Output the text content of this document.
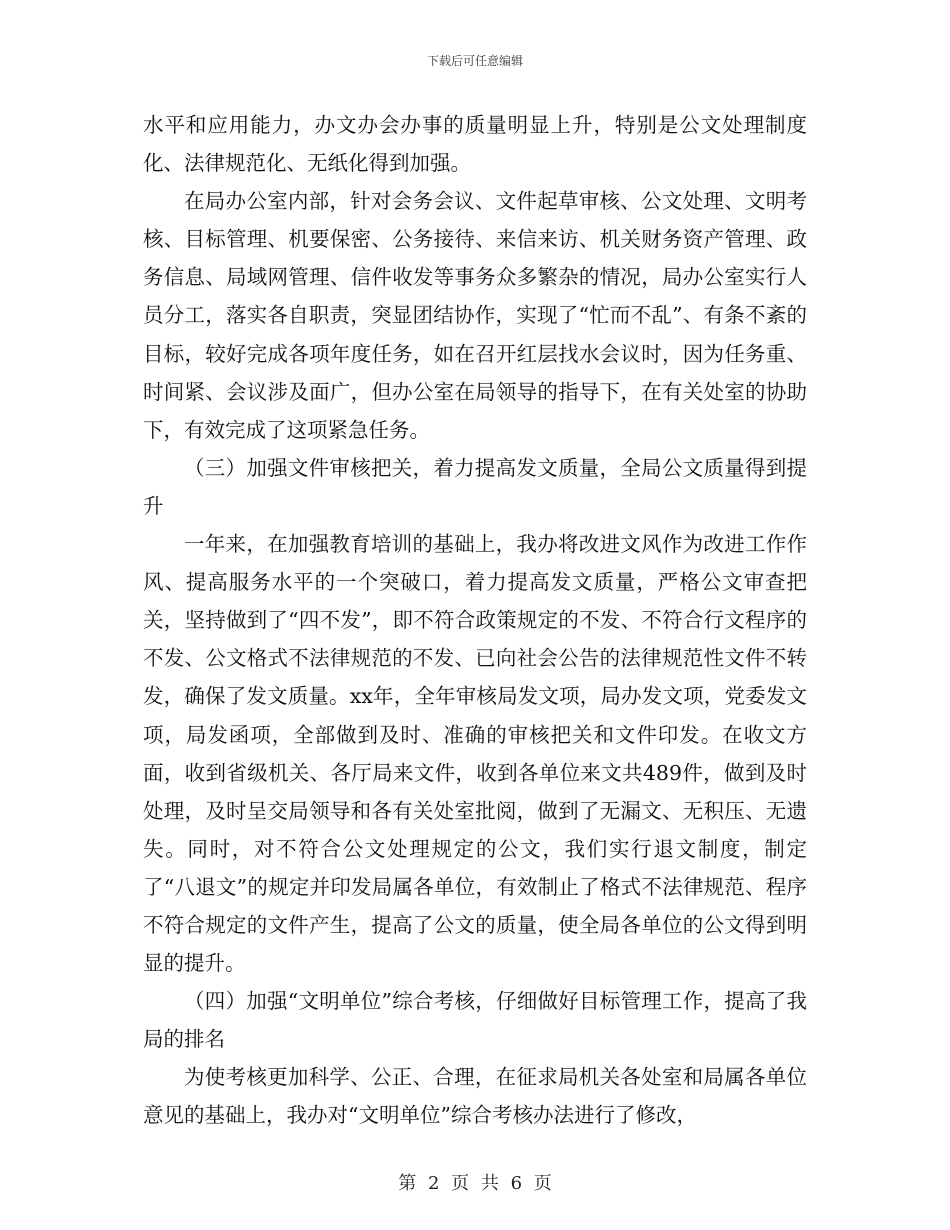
下载后可任意编辑

水平和应用能力，办文办会办事的质量明显上升，特别是公文处理制度化、法律规范化、无纸化得到加强。

在局办公室内部，针对会务会议、文件起草审核、公文处理、文明考核、目标管理、机要保密、公务接待、来信来访、机关财务资产管理、政务信息、局域网管理、信件收发等事务众多繁杂的情况，局办公室实行人员分工，落实各自职责，突显团结协作，实现了“忙而不乱”、有条不紊的目标，较好完成各项年度任务，如在召开红层找水会议时，因为任务重、时间紧、会议涉及面广，但办公室在局领导的指导下，在有关处室的协助下，有效完成了这项紧急任务。

（三）加强文件审核把关，着力提高发文质量，全局公文质量得到提升

一年来，在加强教育培训的基础上，我办将改进文风作为改进工作作风、提高服务水平的一个突破口，着力提高发文质量，严格公文审查把关，坚持做到了“四不发”，即不符合政策规定的不发、不符合行文程序的不发、公文格式不法律规范的不发、已向社会公告的法律规范性文件不转发，确保了发文质量。xx年，全年审核局发文项，局办发文项，党委发文项，局发函项，全部做到及时、准确的审核把关和文件印发。在收文方面，收到省级机关、各厅局来文件，收到各单位来文共489件，做到及时处理，及时呈交局领导和各有关处室批阅，做到了无漏文、无积压、无遗失。同时，对不符合公文处理规定的公文，我们实行退文制度，制定了“八退文”的规定并印发局属各单位，有效制止了格式不法律规范、程序不符合规定的文件产生，提高了公文的质量，使全局各单位的公文得到明显的提升。

（四）加强“文明单位”综合考核，仔细做好目标管理工作，提高了我局的排名

为使考核更加科学、公正、合理，在征求局机关各处室和局属各单位意见的基础上，我办对“文明单位”综合考核办法进行了修改，

第 2 页 共 6 页
